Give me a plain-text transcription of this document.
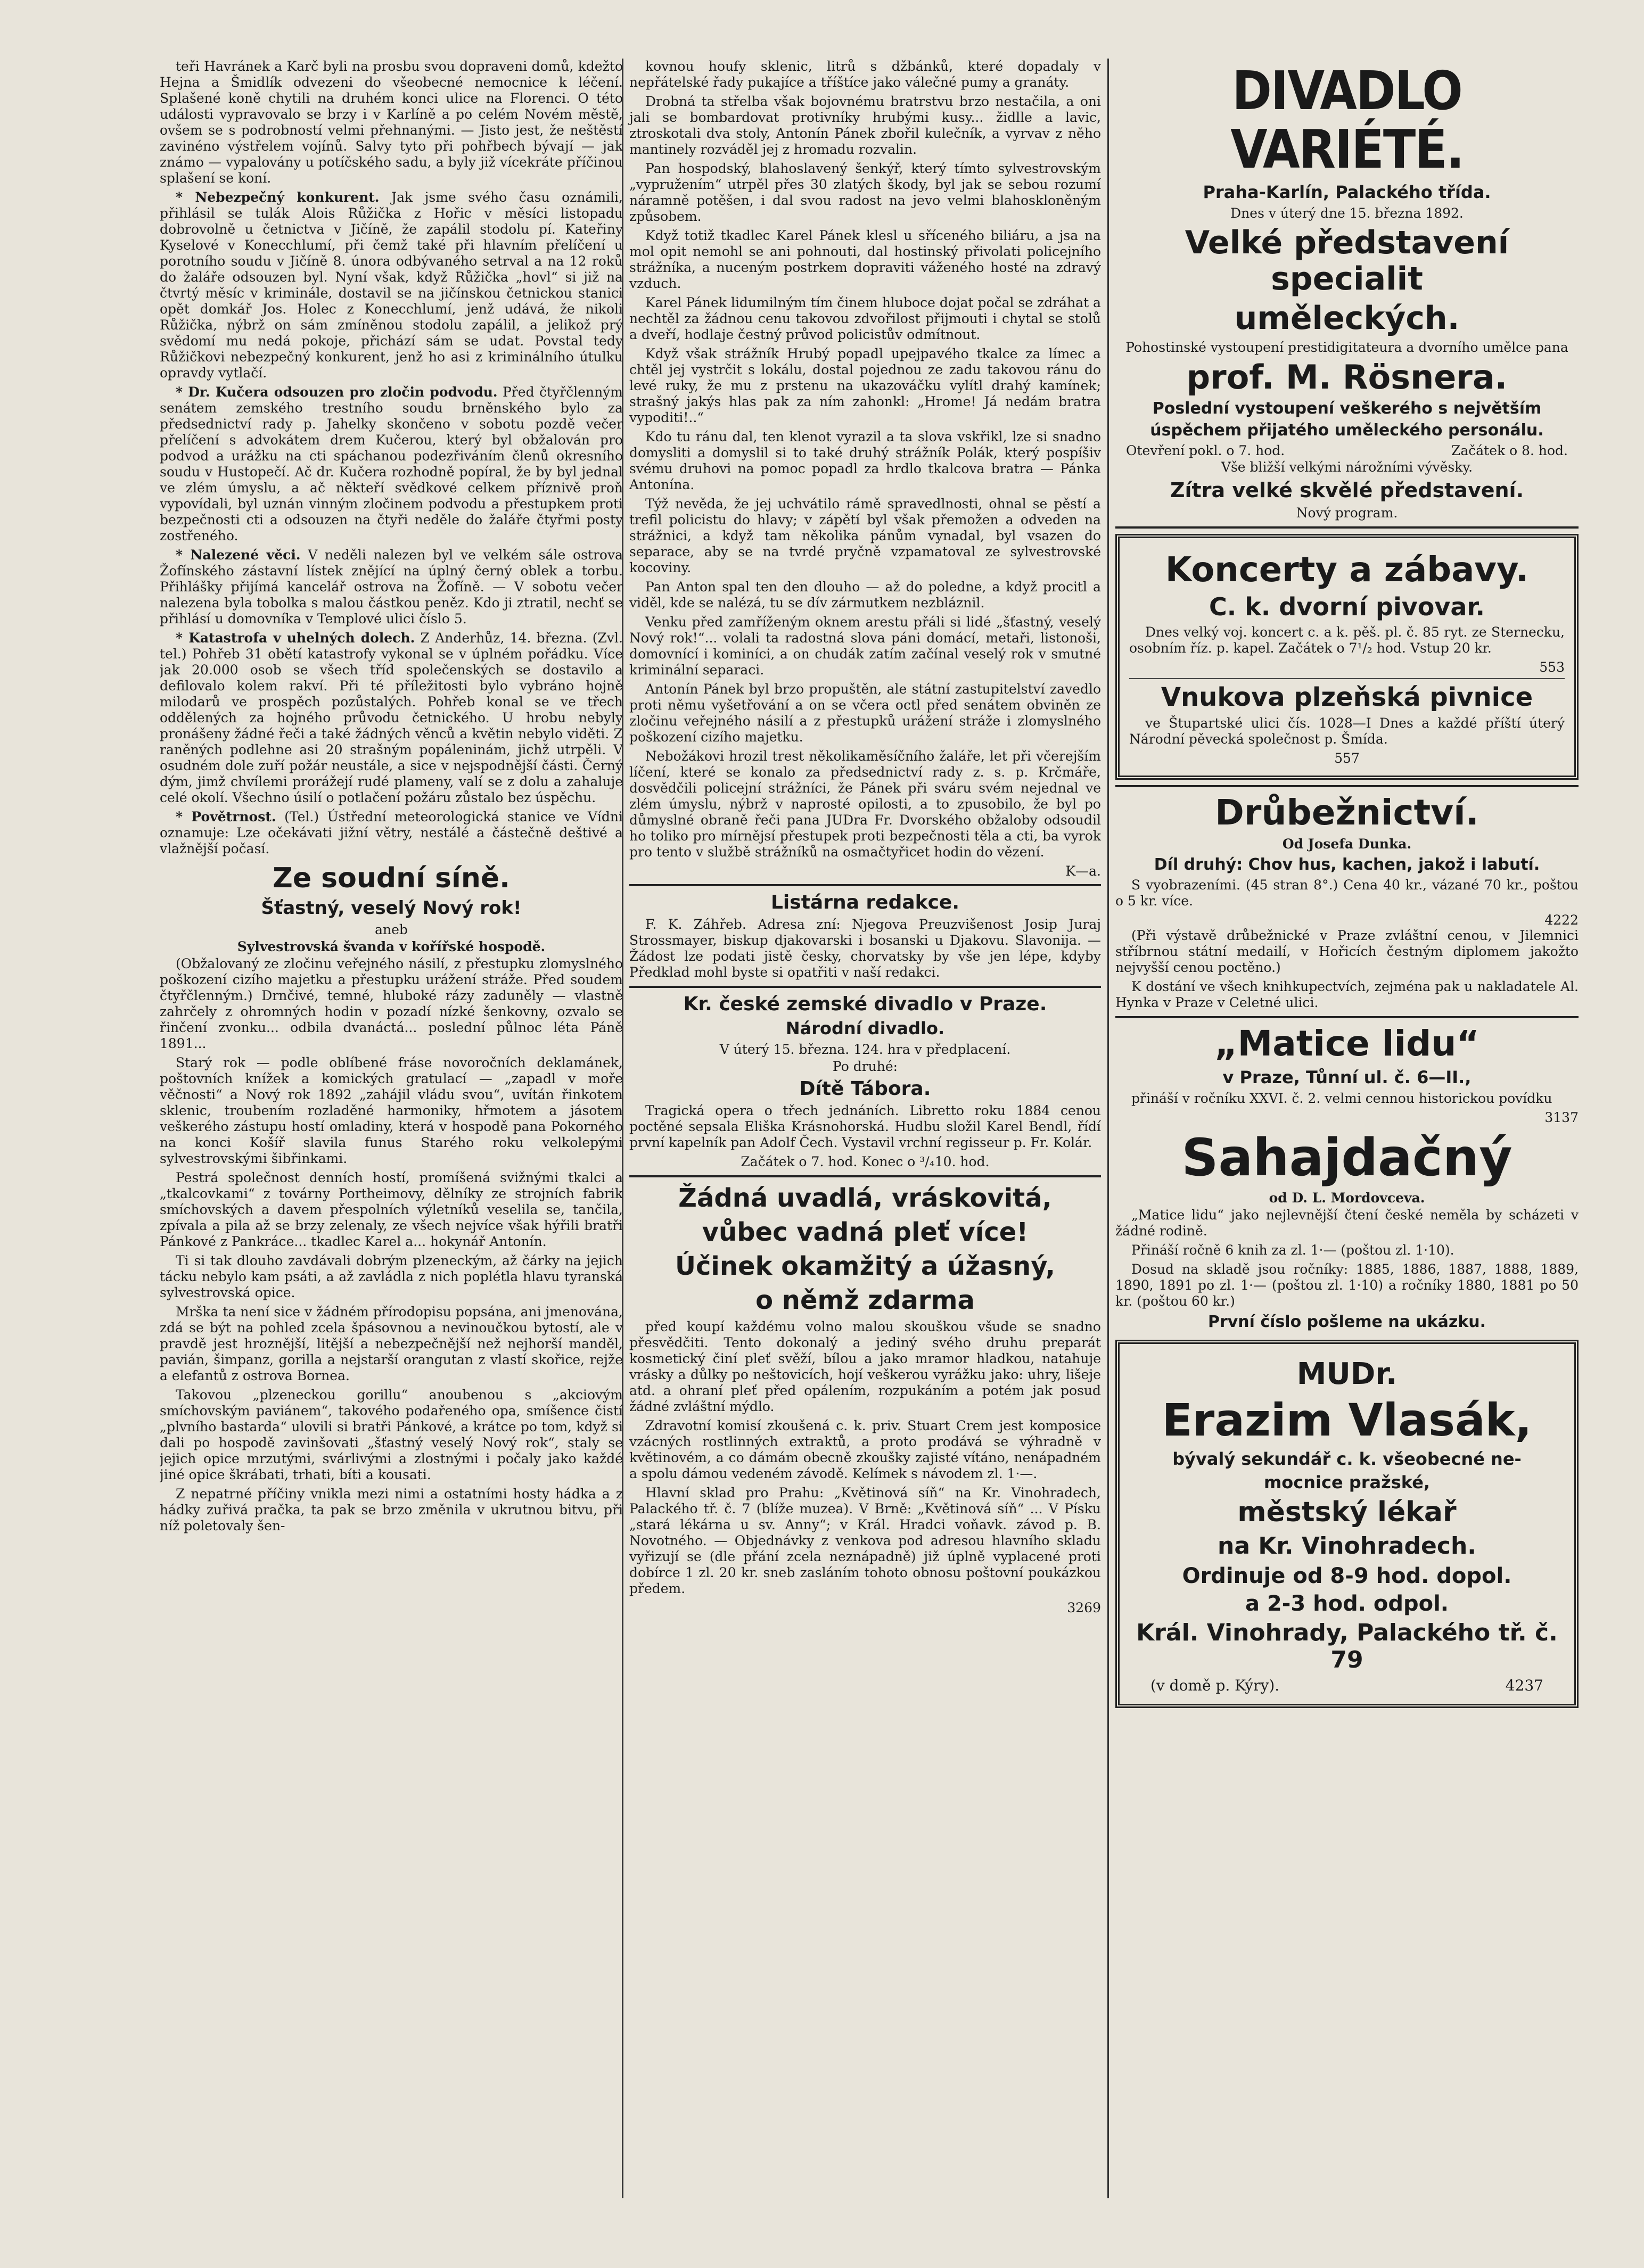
teři Havránek a Karč byli na prosbu svou dopraveni domů, kdežto Hejna a Šmidlík odvezeni do všeobecné nemocnice k léčení. Splašené koně chytili na druhém konci ulice na Florenci. O této události vypravovalo se brzy i v Karlíně a po celém Novém městě, ovšem se s podrobností velmi přehnanými. — Jisto jest, že neštěstí zavinéno výstřelem vojínů. Salvy tyto při pohřbech bývají — jak známo — vypalovány u potíčského sadu, a byly již vícekráte příčinou splašení se koní.

* Nebezpečný konkurent. Jak jsme svého času oznámili, přihlásil se tulák Alois Růžička z Hořic v měsíci listopadu dobrovolně u četnictva v Jičíně, že zapálil stodolu pí. Kateřiny Kyselové v Konecchlumí, při čemž také při hlavním přelíčení u porotního soudu v Jičíně 8. února odbývaného setrval a na 12 roků do žaláře odsouzen byl. Nyní však, když Růžička „hovl“ si již na čtvrtý měsíc v kriminále, dostavil se na jičínskou četnickou stanici opět domkář Jos. Holec z Konecchlumí, jenž udává, že nikoli Růžička, nýbrž on sám zmíněnou stodolu zapálil, a jelikož prý svědomí mu nedá pokoje, přichází sám se udat. Povstal tedy Růžičkovi nebezpečný konkurent, jenž ho asi z kriminálního útulku opravdy vytlačí.

* Dr. Kučera odsouzen pro zločin podvodu. Před čtyřčlenným senátem zemského trestního soudu brněnského bylo za předsednictví rady p. Jahelky skončeno v sobotu pozdě večer přelíčení s advokátem drem Kučerou, který byl obžalován pro podvod a urážku na cti spáchanou podezřiváním členů okresního soudu v Hustopečí. Ač dr. Kučera rozhodně popíral, že by byl jednal ve zlém úmyslu, a ač někteří svědkové celkem příznivě proň vypovídali, byl uznán vinným zločinem podvodu a přestupkem proti bezpečnosti cti a odsouzen na čtyři neděle do žaláře čtyřmi posty zostřeného.

* Nalezené věci. V neděli nalezen byl ve velkém sále ostrova Žofínského zástavní lístek znějící na úplný černý oblek a torbu. Přihlášky přijímá kancelář ostrova na Žofíně. — V sobotu večer nalezena byla tobolka s malou částkou peněz. Kdo ji ztratil, nechť se přihlásí u domovníka v Templové ulici číslo 5.

* Katastrofa v uhelných dolech. Z Anderhůz, 14. března. (Zvl. tel.) Pohřeb 31 obětí katastrofy vykonal se v úplném pořádku. Více jak 20.000 osob se všech tříd společenských se dostavilo a defilovalo kolem rakví. Při té příležitosti bylo vybráno hojně milodarů ve prospěch pozůstalých. Pohřeb konal se ve třech oddělených za hojného průvodu četnického. U hrobu nebyly pronášeny žádné řeči a také žádných věnců a květin nebylo viděti. Z raněných podlehne asi 20 strašným popáleninám, jichž utrpěli. V osudném dole zuří požár neustále, a sice v nejspodnější části. Černý dým, jimž chvílemi prorážejí rudé plameny, valí se z dolu a zahaluje celé okolí. Všechno úsilí o potlačení požáru zůstalo bez úspěchu.

* Povětrnost. (Tel.) Ústřední meteorologická stanice ve Vídni oznamuje: Lze očekávati jižní větry, nestálé a částečně deštivé a vlažnější počasí.

Ze soudní síně.
Šťastný, veselý Nový rok!
aneb
Sylvestrovská švanda v kořířské hospodě.

(Obžalovaný ze zločinu veřejného násilí, z přestupku zlomyslného poškození cizího majetku a přestupku urážení stráže. Před soudem čtyřčlenným.) Drnčivé, temné, hluboké rázy zaduněly — vlastně zahrčely z ohromných hodin v pozadí nízké šenkovny, ozvalo se řinčení zvonku... odbila dvanáctá... poslední půlnoc léta Páně 1891...

Starý rok — podle oblíbené fráse novoročních deklamánek, poštovních knížek a komických gratulací — „zapadl v moře věčnosti“ a Nový rok 1892 „zahájil vládu svou“, uvítán řinkotem sklenic, troubením rozladěné harmoniky, hřmotem a jásotem veškerého zástupu hostí omladiny, která v hospodě pana Pokorného na konci Košíř slavila funus Starého roku velkolepými sylvestrovskými šibřinkami.

Pestrá společnost denních hostí, promíšená svižnými tkalci a „tkalcovkami“ z továrny Portheimovy, dělníky ze strojních fabrik smíchovských a davem přespolních výletníků veselila se, tančila, zpívala a pila až se brzy zelenaly, ze všech nejvíce však hýřili bratři Pánkové z Pankráce... tkadlec Karel a... hokynář Antonín.

Ti si tak dlouho zavdávali dobrým plzeneckým, až čárky na jejich tácku nebylo kam psáti, a až zavládla z nich poplétla hlavu tyranská sylvestrovská opice.

Mrška ta není sice v žádném přírodopisu popsána, ani jmenována, zdá se být na pohled zcela špásovnou a nevinoučkou bytostí, ale v pravdě jest hroznější, litější a nebezpečnější než nejhorší manděl, pavián, šimpanz, gorilla a nejstarší orangutan z vlastí skořice, rejže a elefantů z ostrova Bornea.

Takovou „plzeneckou gorillu“ anoubenou s „akciovým smíchovským paviánem“, takového podařeného opa, smíšence čistí „plvního bastarda“ ulovili si bratři Pánkové, a krátce po tom, když si dali po hospodě zavinšovati „šťastný veselý Nový rok“, staly se jejich opice mrzutými, svárlivými a zlostnými i počaly jako každé jiné opice škrábati, trhati, bíti a kousati.

Z nepatrné příčiny vnikla mezi nimi a ostatními hosty hádka a z hádky zuřivá pračka, ta pak se brzo změnila v ukrutnou bitvu, při níž poletovaly šen-

kovnou houfy sklenic, litrů s džbánků, které dopadaly v nepřátelské řady pukajíce a tříštíce jako válečné pumy a granáty.

Drobná ta střelba však bojovnému bratrstvu brzo nestačila, a oni jali se bombardovat protivníky hrubými kusy... židlle a lavic, ztroskotali dva stoly, Antonín Pánek zbořil kulečník, a vyrvav z něho mantinely rozváděl jej z hromadu rozvalin.

Pan hospodský, blahoslavený šenkýř, který tímto sylvestrovským „vypružením“ utrpěl přes 30 zlatých škody, byl jak se sebou rozumí náramně potěšen, i dal svou radost na jevo velmi blahoskloněným způsobem.

Když totiž tkadlec Karel Pánek klesl u sříceného biliáru, a jsa na mol opit nemohl se ani pohnouti, dal hostinský přivolati policejního strážníka, a nuceným postrkem dopraviti váženého hosté na zdravý vzduch.

Karel Pánek lidumilným tím činem hluboce dojat počal se zdráhat a nechtěl za žádnou cenu takovou zdvořilost přijmouti i chytal se stolů a dveří, hodlaje čestný průvod policistův odmítnout.

Když však strážník Hrubý popadl upejpavého tkalce za límec a chtěl jej vystrčit s lokálu, dostal pojednou ze zadu takovou ránu do levé ruky, že mu z prstenu na ukazováčku vylítl drahý kamínek; strašný jakýs hlas pak za ním zahonkl: „Hrome! Já nedám bratra vypoditi!..“

Kdo tu ránu dal, ten klenot vyrazil a ta slova vskřikl, lze si snadno domysliti a domyslil si to také druhý strážník Polák, který pospíšiv svému druhovi na pomoc popadl za hrdlo tkalcova bratra — Pánka Antonína.

Týž nevěda, že jej uchvátilo rámě spravedlnosti, ohnal se pěstí a trefil policistu do hlavy; v zápětí byl však přemožen a odveden na strážnici, a když tam několika pánům vynadal, byl vsazen do separace, aby se na tvrdé pryčně vzpamatoval ze sylvestrovské kocoviny.

Pan Anton spal ten den dlouho — až do poledne, a když procitl a viděl, kde se nalézá, tu se dív zármutkem nezbláznil.

Venku před zamříženým oknem arestu přáli si lidé „šťastný, veselý Nový rok!“... volali ta radostná slova páni domácí, metaři, listonoši, domovnící i kominíci, a on chudák zatím začínal veselý rok v smutné kriminální separaci.

Antonín Pánek byl brzo propuštěn, ale státní zastupitelství zavedlo proti němu vyšetřování a on se včera octl před senátem obviněn ze zločinu veřejného násilí a z přestupků urážení stráže i zlomyslného poškození cizího majetku.

Nebožákovi hrozil trest několikaměsíčního žaláře, let při včerejším líčení, které se konalo za předsednictví rady z. s. p. Krčmáře, dosvědčili policejní strážníci, že Pánek při sváru svém nejednal ve zlém úmyslu, nýbrž v naprosté opilosti, a to zpusobilo, že byl po důmyslné obraně řeči pana JUDra Fr. Dvorského obžaloby odsoudil ho toliko pro mírnějsí přestupek proti bezpečnosti těla a cti, ba vyrok pro tento v službě strážníků na osmačtyřicet hodin do vězení.

K—a.
Listárna redakce.

F. K. Záhřeb. Adresa zní: Njegova Preuzvišenost Josip Juraj Strossmayer, biskup djakovarski i bosanski u Djakovu. Slavonija. — Žádost lze podati jistě česky, chorvatsky by vše jen lépe, kdyby Předklad mohl byste si opatřiti v naší redakci.

Kr. české zemské divadlo v Praze.
Národní divadlo.
V úterý 15. března. 124. hra v předplacení.
Po druhé:
Dítě Tábora.

Tragická opera o třech jednáních. Libretto roku 1884 cenou poctěné sepsala Eliška Krásnohorská. Hudbu složil Karel Bendl, řídí první kapelník pan Adolf Čech. Vystavil vrchní regisseur p. Fr. Kolár.

Začátek o 7. hod. Konec o ³/₄10. hod.
Žádná uvadlá, vráskovitá,
vůbec vadná pleť více!
Účinek okamžitý a úžasný,
o němž zdarma

před koupí každému volno malou skouškou všude se snadno přesvědčiti. Tento dokonalý a jediný svého druhu preparát kosmetický činí pleť svěží, bílou a jako mramor hladkou, natahuje vrásky a důlky po neštovicích, hojí veškerou vyrážku jako: uhry, lišeje atd. a ohraní pleť před opálením, rozpukáním a potém jak posud žádné zvláštní mýdlo.

Zdravotní komisí zkoušená c. k. priv. Stuart Crem jest komposice vzácných rostlinných extraktů, a proto prodává se výhradně v květinovém, a co dámám obecně zkoušky zajisté vítáno, nenápadném a spolu dámou vedeném závodě. Kelímek s návodem zl. 1·—.

Hlavní sklad pro Prahu: „Květinová síň“ na Kr. Vinohradech, Palackého tř. č. 7 (blíže muzea). V Brně: „Květinová síň“ ... V Písku „stará lékárna u sv. Anny“; v Král. Hradci voňavk. závod p. B. Novotného. — Objednávky z venkova pod adresou hlavního skladu vyřizují se (dle přání zcela neznápadně) již úplně vyplacené proti dobírce 1 zl. 20 kr. sneb zasláním tohoto obnosu poštovní poukázkou předem.

3269
DIVADLO VARIÉTÉ.
Praha-Karlín, Palackého třída.
Dnes v úterý dne 15. března 1892.
Velké představení specialit
uměleckých.
Pohostinské vystoupení prestidigitateura a dvorního umělce pana
prof. M. Rösnera.
Poslední vystoupení veškerého s největším
úspěchem přijatého uměleckého personálu.
Otevření pokl. o 7. hod.	Začátek o 8. hod.
Vše bližší velkými nárožními vývěsky.
Zítra velké skvělé představení.
Nový program.
Koncerty a zábavy.
C. k. dvorní pivovar.

Dnes velký voj. koncert c. a k. pěš. pl. č. 85 ryt. ze Sternecku, osobním říz. p. kapel. Začátek o 7¹/₂ hod. Vstup 20 kr.

553
Vnukova plzeňská pivnice

ve Štupartské ulici čís. 1028—I Dnes a každé příští úterý Národní pěvecká společnost p. Šmída.

557
Drůbežnictví.
Od Josefa Dunka.
Díl druhý: Chov hus, kachen, jakož i labutí.

S vyobrazeními. (45 stran 8°.) Cena 40 kr., vázané 70 kr., poštou o 5 kr. více.

4222

(Při výstavě drůbežnické v Praze zvláštní cenou, v Jilemnici stříbrnou státní medailí, v Hořicích čestným diplomem jakožto nejvyšší cenou poctěno.)

K dostání ve všech knihkupectvích, zejména pak u nakladatele Al. Hynka v Praze v Celetné ulici.

„Matice lidu“
v Praze, Tůnní ul. č. 6—II.,

přináší v ročníku XXVI. č. 2. velmi cennou historickou povídku

3137
Sahajdačný
od D. L. Mordovceva.

„Matice lidu“ jako nejlevnější čtení české neměla by scházeti v žádné rodině.

Přináší ročně 6 knih za zl. 1·— (poštou zl. 1·10).

Dosud na skladě jsou ročníky: 1885, 1886, 1887, 1888, 1889, 1890, 1891 po zl. 1·— (poštou zl. 1·10) a ročníky 1880, 1881 po 50 kr. (poštou 60 kr.)

První číslo pošleme na ukázku.
MUDr.
Erazim Vlasák,
bývalý sekundář c. k. všeobecné ne-
mocnice pražské,
městský lékař
na Kr. Vinohradech.
Ordinuje od 8-9 hod. dopol.
a 2-3 hod. odpol.
Král. Vinohrady, Palackého tř. č. 79
(v domě p. Kýry).	4237
